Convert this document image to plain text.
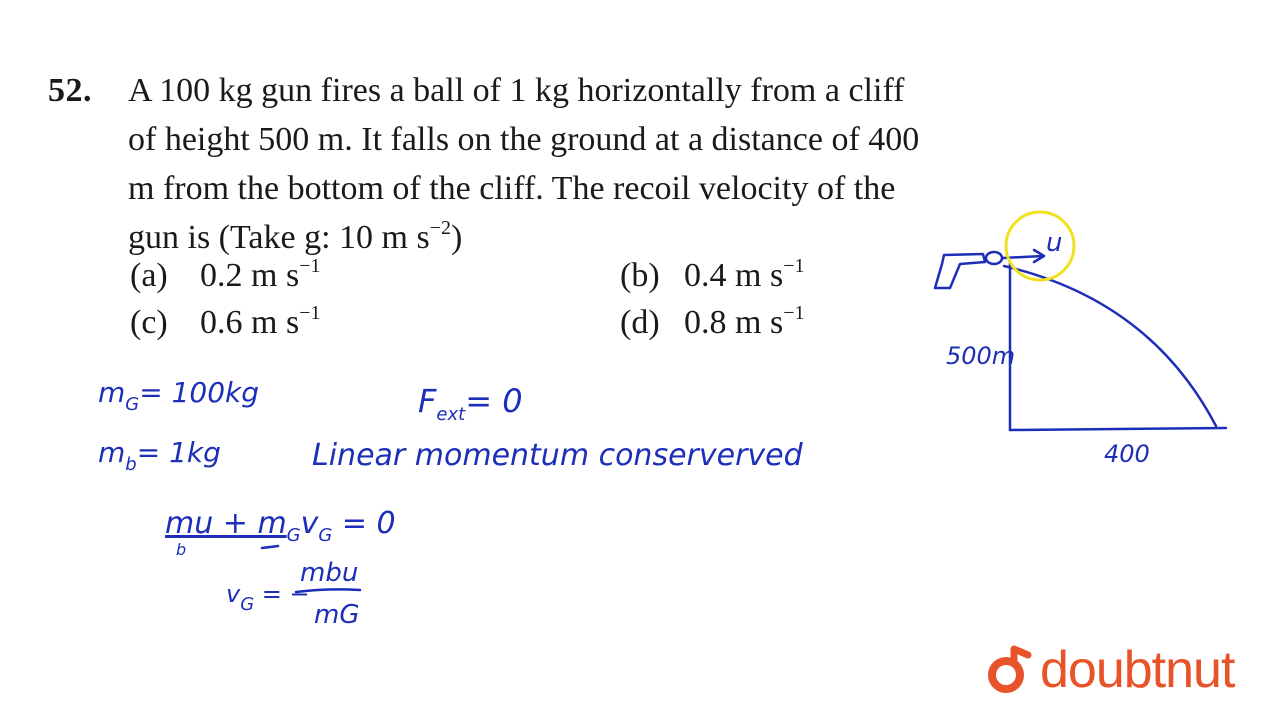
52. A 100 kg gun fires a ball of 1 kg horizontally from a cliff
of height 500 m. It falls on the ground at a distance of 400
m from the bottom of the cliff. The recoil velocity of the
gun is (Take g: 10 m $s^{-2}$)
(a) 0.2 m $s^{-1}$	(b) 0.4 m $s^{-1}$
(c) 0.6 m $s^{-1}$	(d) 0.8 m $s^{-1}$
$m_G= 100kg$
$m_b= 1kg$
$F_{ext}= 0$
Linear momentum conserverved
mu + $m_Gv_G = 0$
b
$v_G$ = −
mbu
mG
u
500m
400
doubtnut
